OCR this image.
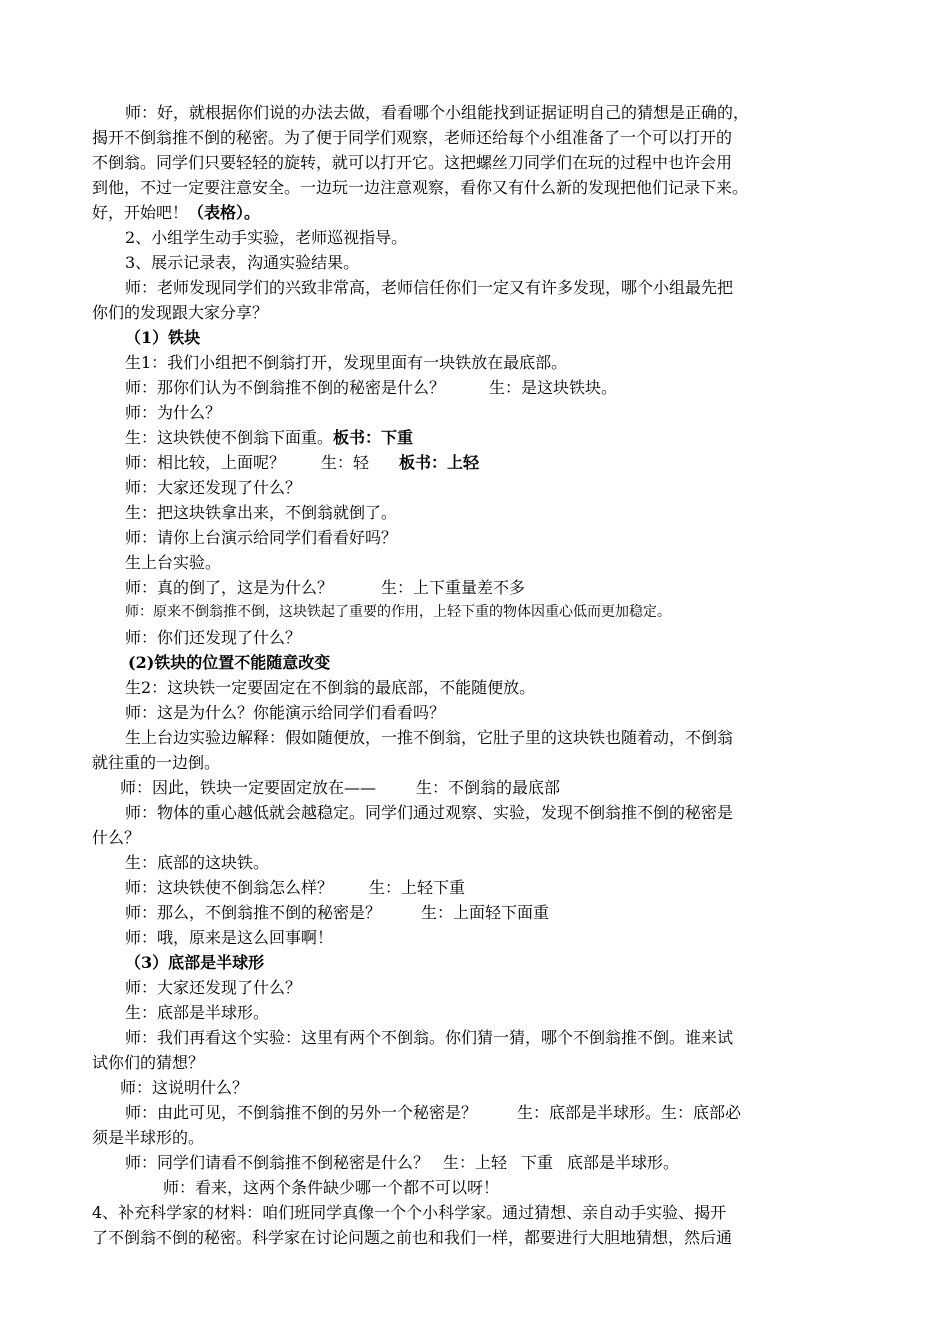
师：好，就根据你们说的办法去做，看看哪个小组能找到证据证明自己的猜想是正确的，
揭开不倒翁推不倒的秘密。为了便于同学们观察，老师还给每个小组准备了一个可以打开的
不倒翁。同学们只要轻轻的旋转，就可以打开它。这把螺丝刀同学们在玩的过程中也许会用
到他，不过一定要注意安全。一边玩一边注意观察，看你又有什么新的发现把他们记录下来。
好，开始吧！（表格）。
2、小组学生动手实验，老师巡视指导。
3、展示记录表，沟通实验结果。
师：老师发现同学们的兴致非常高，老师信任你们一定又有许多发现，哪个小组最先把
你们的发现跟大家分享？
（1）铁块
生1：我们小组把不倒翁打开，发现里面有一块铁放在最底部。
师：那你们认为不倒翁推不倒的秘密是什么？	生：是这块铁块。
师：为什么？
生：这块铁使不倒翁下面重。板书：下重
师：相比较，上面呢？ 生：轻 板书：上轻
师：大家还发现了什么？
生：把这块铁拿出来，不倒翁就倒了。
师：请你上台演示给同学们看看好吗？
生上台实验。
师：真的倒了，这是为什么？	生：上下重量差不多
师：原来不倒翁推不倒，这块铁起了重要的作用，上轻下重的物体因重心低而更加稳定。
师：你们还发现了什么？
(2)铁块的位置不能随意改变
生2：这块铁一定要固定在不倒翁的最底部，不能随便放。
师：这是为什么？你能演示给同学们看看吗？
生上台边实验边解释：假如随便放，一推不倒翁，它肚子里的这块铁也随着动，不倒翁
就往重的一边倒。
师：因此，铁块一定要固定放在——	生：不倒翁的最底部
师：物体的重心越低就会越稳定。同学们通过观察、实验，发现不倒翁推不倒的秘密是
什么？
生：底部的这块铁。
师：这块铁使不倒翁怎么样？ 生：上轻下重
师：那么，不倒翁推不倒的秘密是？	生：上面轻下面重
师：哦，原来是这么回事啊！
（3）底部是半球形
师：大家还发现了什么？
生：底部是半球形。
师：我们再看这个实验：这里有两个不倒翁。你们猜一猜，哪个不倒翁推不倒。谁来试
试你们的猜想？
师：这说明什么？
师：由此可见，不倒翁推不倒的另外一个秘密是？	生：底部是半球形。生：底部必
须是半球形的。
师：同学们请看不倒翁推不倒秘密是什么？ 生：上轻 下重 底部是半球形。
师：看来，这两个条件缺少哪一个都不可以呀！
4、补充科学家的材料：咱们班同学真像一个个小科学家。通过猜想、亲自动手实验、揭开
了不倒翁不倒的秘密。科学家在讨论问题之前也和我们一样，都要进行大胆地猜想，然后通
